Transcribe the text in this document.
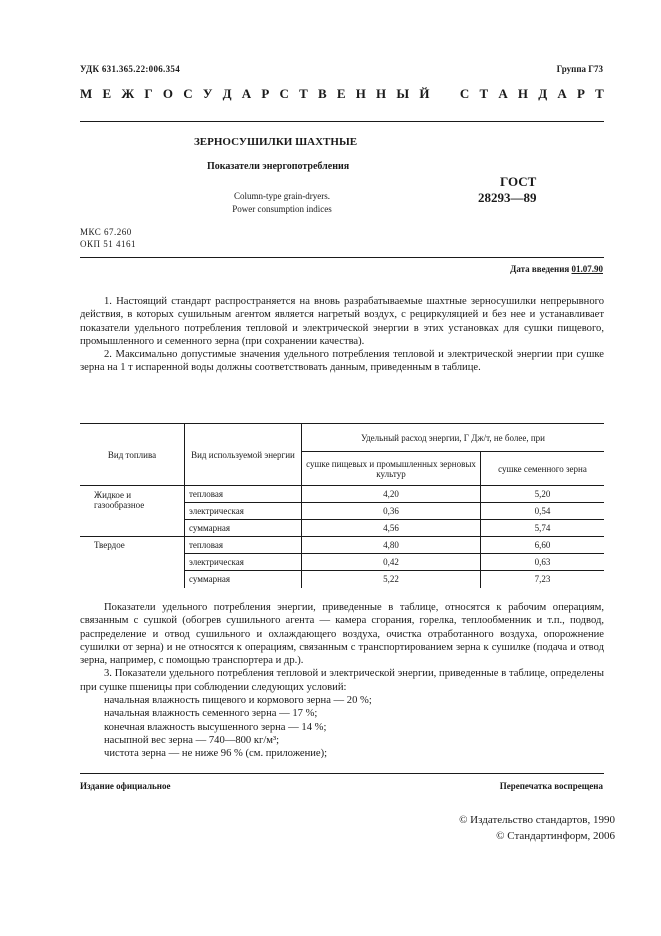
УДК 631.365.22:006.354	Группа Г73
М Е Ж Г О С У Д А Р С Т В Е Н Н Ы Й С Т А Н Д А Р Т
ЗЕРНОСУШИЛКИ ШАХТНЫЕ
Показатели энергопотребления
Column-type grain-dryers.
Power consumption indices
ГОСТ
28293—89
МКС 67.260
ОКП 51 4161
Дата введения 01.07.90

1. Настоящий стандарт распространяется на вновь разрабатываемые шахтные зерносушилки непрерывного действия, в которых сушильным агентом является нагретый воздух, с рециркуляцией и без нее и устанавливает показатели удельного потребления тепловой и электрической энергии в этих установках для сушки пищевого, промышленного и семенного зерна (при сохранении качества).

2. Максимально допустимые значения удельного потребления тепловой и электрической энергии при сушке зерна на 1 т испаренной воды должны соответствовать данным, приведенным в таблице.

Вид топлива	Вид используемой энергии	Удельный расход энергии, Г Дж/т, не более, при	
		сушке пищевых и промышленных зерновых культур	сушке семенного зерна
Жидкое и газообразное	тепловая	4,20	5,20
	электрическая	0,36	0,54
	суммарная	4,56	5,74
Твердое	тепловая	4,80	6,60
	электрическая	0,42	0,63
	суммарная	5,22	7,23

Показатели удельного потребления энергии, приведенные в таблице, относятся к рабочим операциям, связанным с сушкой (обогрев сушильного агента — камера сгорания, горелка, теплообменник и т.п., подвод, распределение и отвод сушильного и охлаждающего воздуха, очистка отработанного воздуха, опорожнение сушилки от зерна) и не относятся к операциям, связанным с транспортированием зерна к сушилке (подача и отвод зерна, например, с помощью транспортера и др.).

3. Показатели удельного потребления тепловой и электрической энергии, приведенные в таблице, определены при сушке пшеницы при соблюдении следующих условий:

начальная влажность пищевого и кормового зерна — 20 %;

начальная влажность семенного зерна — 17 %;

конечная влажность высушенного зерна — 14 %;

насыпной вес зерна — 740—800 кг/м³;

чистота зерна — не ниже 96 % (см. приложение);

Издание официальное	Перепечатка воспрещена
© Издательство стандартов, 1990
© Стандартинформ, 2006
